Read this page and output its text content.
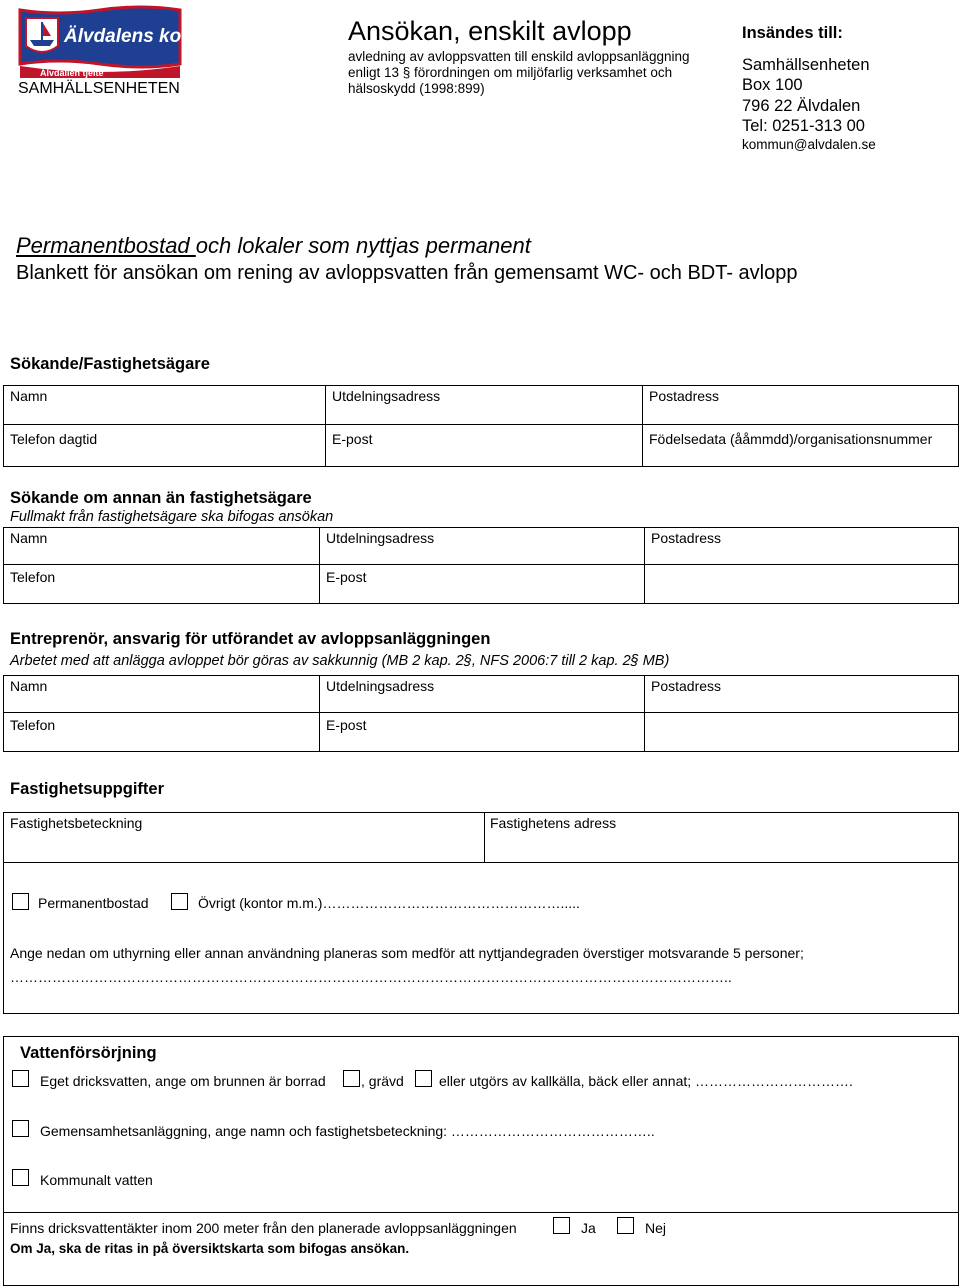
Älvdalens kommun
Älvdalien tjelte
SAMHÄLLSENHETEN
Ansökan, enskilt avlopp
avledning av avloppsvatten till enskild avloppsanläggning enligt 13 § förordningen om miljöfarlig verksamhet och hälsoskydd (1998:899)
Insändes till:
Samhällsenheten
Box 100
796 22 Älvdalen
Tel: 0251-313 00
kommun@alvdalen.se
Permanentbostad och lokaler som nyttjas permanent
Blankett för ansökan om rening av avloppsvatten från gemensamt WC- och BDT- avlopp
Sökande/Fastighetsägare
Namn	Utdelningsadress	Postadress
Telefon dagtid	E-post	Födelsedata (ååmmdd)/organisationsnummer
Sökande om annan än fastighetsägare
Fullmakt från fastighetsägare ska bifogas ansökan
Namn	Utdelningsadress	Postadress
Telefon	E-post
Entreprenör, ansvarig för utförandet av avloppsanläggningen
Arbetet med att anlägga avloppet bör göras av sakkunnig (MB 2 kap. 2§, NFS 2006:7 till 2 kap. 2§ MB)
Namn	Utdelningsadress	Postadress
Telefon	E-post
Fastighetsuppgifter
Fastighetsbeteckning	Fastighetens adress
Permanentbostad	Övrigt (kontor m.m.)…………………………………………….....
Ange nedan om uthyrning eller annan användning planeras som medför att nyttjandegraden överstiger motsvarande 5 personer;
………………………………………………………………………………………………………………………………………..
Vattenförsörjning
Eget dricksvatten, ange om brunnen är borrad	, grävd	eller utgörs av kallkälla, bäck eller annat; …………………………….
Gemensamhetsanläggning, ange namn och fastighetsbeteckning: ……………………………………..
Kommunalt vatten
Finns dricksvattentäkter inom 200 meter från den planerade avloppsanläggningen	Ja	Nej
Om Ja, ska de ritas in på översiktskarta som bifogas ansökan.
